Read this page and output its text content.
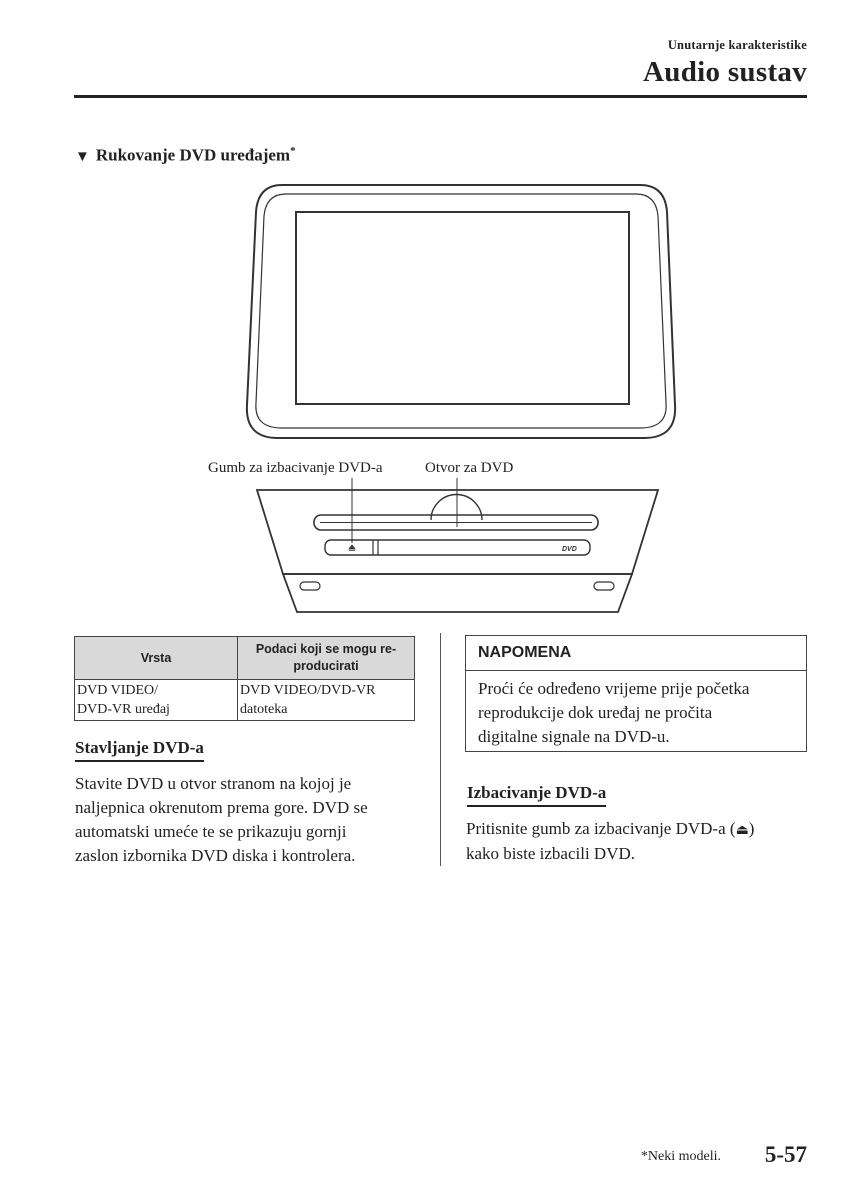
Unutarnje karakteristike
Audio sustav
▼ Rukovanje DVD uređajem*
DVD
Gumb za izbacivanje DVD-a	Otvor za DVD
Vrsta	Podaci koji se mogu re-producirati
DVD VIDEO/
DVD-VR uređaj	DVD VIDEO/DVD-VR
datoteka
Stavljanje DVD-a
Stavite DVD u otvor stranom na kojoj je
naljepnica okrenutom prema gore. DVD se
automatski umeće te se prikazuju gornji
zaslon izbornika DVD diska i kontrolera.
NAPOMENA
Proći će određeno vrijeme prije početka
reprodukcije dok uređaj ne pročita
digitalne signale na DVD-u.
Izbacivanje DVD-a
Pritisnite gumb za izbacivanje DVD-a (⏏)
kako biste izbacili DVD.
*Neki modeli. 5-57
